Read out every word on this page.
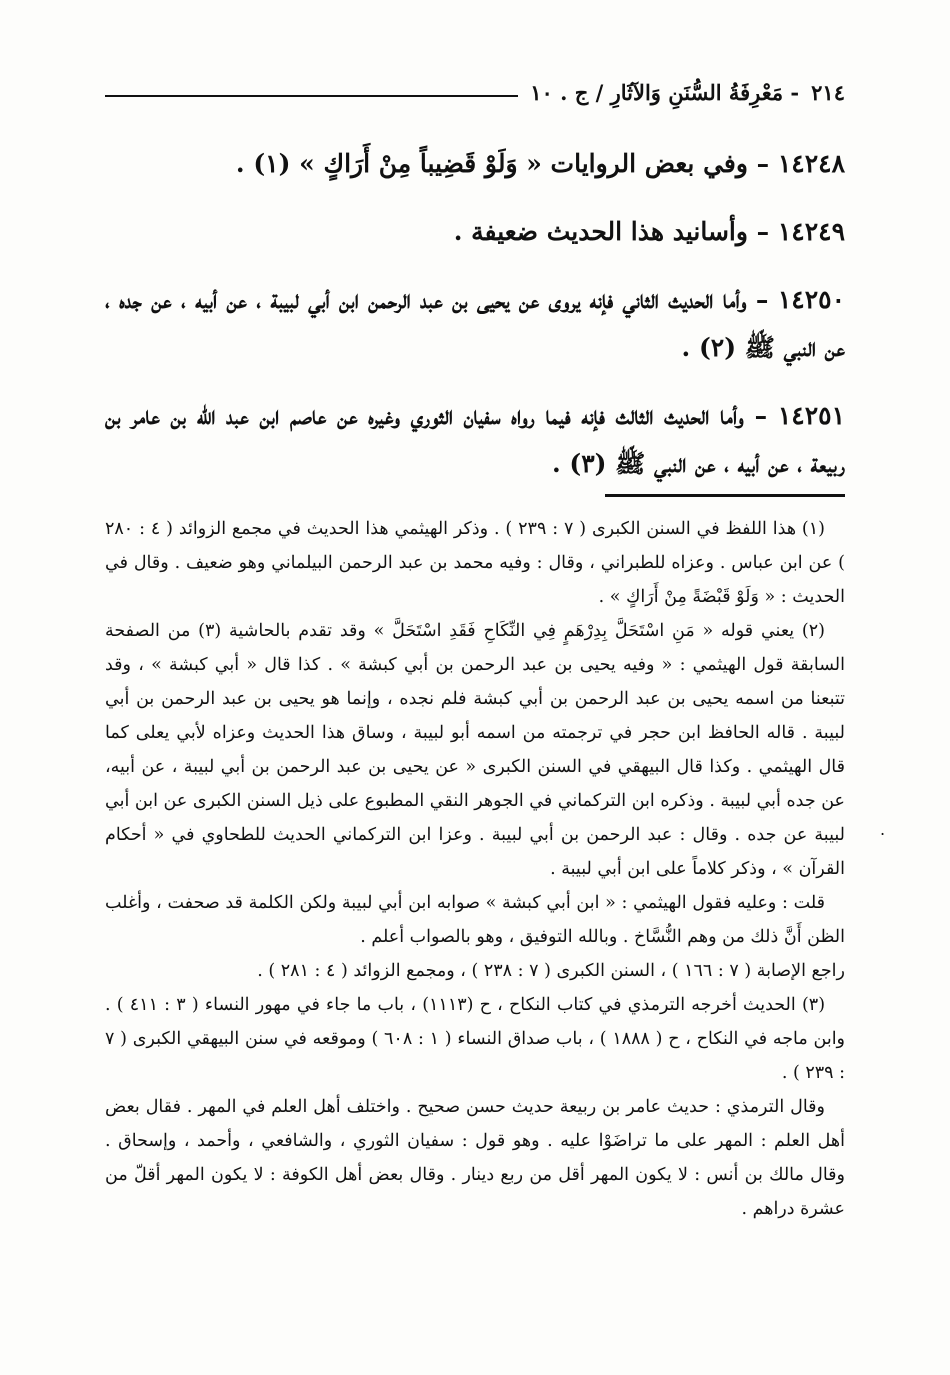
٢١٤
- مَعْرِفَةُ السُّنَنِ وَالآثَارِ / ج . ١٠

١٤٢٤٨ – وفي بعض الروايات « وَلَوْ قَضِيباً مِنْ أَرَاكٍ » (١) .

١٤٢٤٩ – وأسانيد هذا الحديث ضعيفة .

١٤٢٥٠ – وأما الحديث الثاني فإنه يروى عن يحيى بن عبد الرحمن ابن أبي لبيبة ، عن أبيه ، عن جده ، عن النبي ﷺ (٢) .

١٤٢٥١ – وأما الحديث الثالث فإنه فيما رواه سفيان الثوري وغيره عن عاصم ابن عبد الله بن عامر بن ربيعة ، عن أبيه ، عن النبي ﷺ (٣) .

(١) هذا اللفظ في السنن الكبرى ( ٧ : ٢٣٩ ) . وذكر الهيثمي هذا الحديث في مجمع الزوائد ( ٤ : ٢٨٠ ) عن ابن عباس . وعزاه للطبراني ، وقال : وفيه محمد بن عبد الرحمن البيلماني وهو ضعيف . وقال في الحديث : « وَلَوْ قَبْضَةً مِنْ أَرَاكٍ » .

(٢) يعني قوله « مَنِ اسْتَحَلَّ بِدِرْهَمٍ فِي النِّكَاحِ فَقَدِ اسْتَحَلَّ » وقد تقدم بالحاشية (٣) من الصفحة السابقة قول الهيثمي : « وفيه يحيى بن عبد الرحمن بن أبي كبشة » . كذا قال « أبي كبشة » ، وقد تتبعنا من اسمه يحيى بن عبد الرحمن بن أبي كبشة فلم نجده ، وإنما هو يحيى بن عبد الرحمن بن أبي لبيبة . قاله الحافظ ابن حجر في ترجمته من اسمه أبو لبيبة ، وساق هذا الحديث وعزاه لأبي يعلى كما قال الهيثمي . وكذا قال البيهقي في السنن الكبرى « عن يحيى بن عبد الرحمن بن أبي لبيبة ، عن أبيه، عن جده أبي لبيبة . وذكره ابن التركماني في الجوهر النقي المطبوع على ذيل السنن الكبرى عن ابن أبي لبيبة عن جده . وقال : عبد الرحمن بن أبي لبيبة . وعزا ابن التركماني الحديث للطحاوي في « أحكام القرآن » ، وذكر كلاماً على ابن أبي لبيبة .

قلت : وعليه فقول الهيثمي : « ابن أبي كبشة » صوابه ابن أبي لبيبة ولكن الكلمة قد صحفت ، وأغلب الظن أَنَّ ذلك من وهم النُّسَّاخ . وبالله التوفيق ، وهو بالصواب أعلم .

راجع الإصابة ( ٧ : ١٦٦ ) ، السنن الكبرى ( ٧ : ٢٣٨ ) ، ومجمع الزوائد ( ٤ : ٢٨١ ) .

(٣) الحديث أخرجه الترمذي في كتاب النكاح ، ح (١١١٣) ، باب ما جاء في مهور النساء ( ٣ : ٤١١ ) . وابن ماجه في النكاح ، ح ( ١٨٨٨ ) ، باب صداق النساء ( ١ : ٦٠٨ ) وموقعه في سنن البيهقي الكبرى ( ٧ : ٢٣٩ ) .

وقال الترمذي : حديث عامر بن ربيعة حديث حسن صحيح . واختلف أهل العلم في المهر . فقال بعض أهل العلم : المهر على ما تراضَوْا عليه . وهو قول : سفيان الثوري ، والشافعي ، وأحمد ، وإسحاق . وقال مالك بن أنس : لا يكون المهر أقل من ربع دينار . وقال بعض أهل الكوفة : لا يكون المهر أقلّ من عشرة دراهم .

.
